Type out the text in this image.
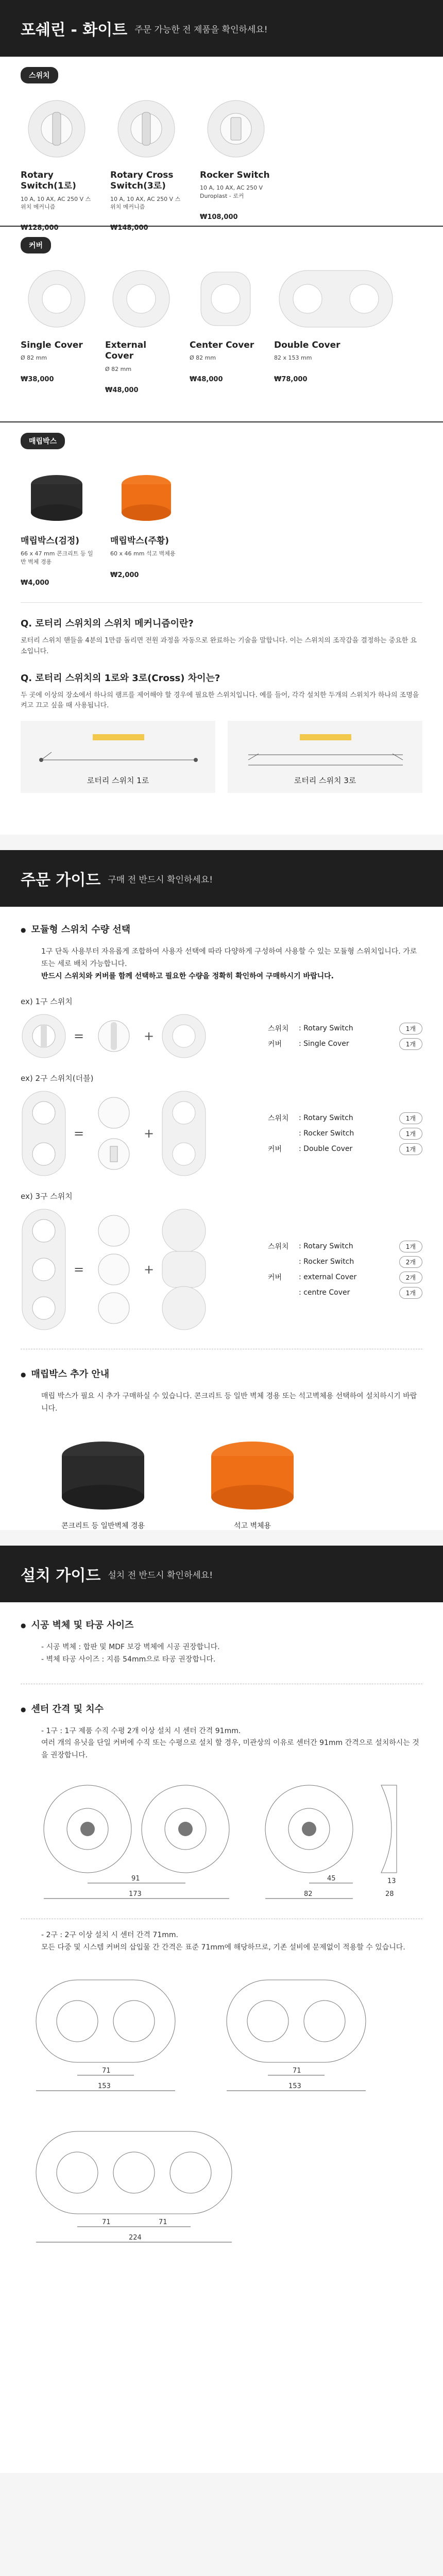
포쉐린 - 화이트 주문 가능한 전 제품을 확인하세요!
스위치
Rotary Switch(1로)
10 A, 10 AX, AC 250 V 스위치 메커니즘
₩128,000
Rotary Cross Switch(3로)
10 A, 10 AX, AC 250 V 스위치 메커니즘
₩148,000
Rocker Switch
10 A, 10 AX, AC 250 V Duroplast - 로커
₩108,000
커버
Single Cover
Ø 82 mm
₩38,000
External Cover
Ø 82 mm
₩48,000
Center Cover
Ø 82 mm
₩48,000
Double Cover
82 x 153 mm
₩78,000
매립박스
매립박스(검정)
66 x 47 mm 콘크리트 등 일반 벽체 경용
₩4,000
매립박스(주황)
60 x 46 mm 석고 벽체용
₩2,000
Q. 로터리 스위치의 스위치 메커니즘이란?

로터리 스위치 핸들을 4분의 1만큼 돌리면 전원 과정을 자동으로 완료하는 기술을 말합니다. 이는 스위치의 조작감을 결정하는 중요한 요소입니다.

Q. 로터리 스위치의 1로와 3로(Cross) 차이는?

두 곳에 이상의 장소에서 하나의 램프를 제어해야 할 경우에 필요한 스위치입니다. 예를 들어, 각각 설치한 두개의 스위치가 하나의 조명을 켜고 끄고 싶을 때 사용됩니다.

로터리 스위치 1로	로터리 스위치 3로
주문 가이드 구매 전 반드시 확인하세요!
● 모듈형 스위치 수량 선택

1구 단독 사용부터 자유롭게 조합하여 사용자 선택에 따라 다양하게 구성하여 사용할 수 있는 모듈형 스위치입니다. 가로 또는 세로 배치 가능합니다.

반드시 스위치와 커버를 함께 선택하고 필요한 수량을 정확히 확인하여 구매하시기 바랍니다.

ex) 1구 스위치
=	+	스위치	: Rotary Switch	1개
커버	: Single Cover	1개
ex) 2구 스위치(더블)
=	+
스위치	: Rotary Switch	1개
: Rocker Switch	1개
커버	: Double Cover	1개
ex) 3구 스위치
=	+
스위치	: Rotary Switch	1개
: Rocker Switch	2개
커버	: external Cover	2개
: centre Cover	1개
● 매립박스 추가 안내

매립 박스가 필요 시 추가 구매하실 수 있습니다. 콘크리트 등 일반 벽체 경용 또는 석고벽체용 선택하여 설치하시기 바랍니다.

콘크리트 등 일반벽체 경용	석고 벽체용
설치 가이드 설치 전 반드시 확인하세요!
● 시공 벽체 및 타공 사이즈

- 시공 벽체 : 합판 및 MDF 보강 벽체에 시공 권장합니다.

- 벽체 타공 사이즈 : 지름 54mm으로 타공 권장합니다.

● 센터 간격 및 치수

- 1구 : 1구 제품 수직 수평 2개 이상 설치 시 센터 간격 91mm.

여러 개의 유닛을 단일 커버에 수직 또는 수평으로 설치 할 경우, 미관상의 이유로 센터간 91mm 간격으로 설치하시는 것을 권장합니다.

91
173
45
82
13
28

- 2구 : 2구 이상 설치 시 센터 간격 71mm.

모든 다중 및 시스템 커버의 삽입물 간 간격은 표준 71mm에 해당하므로, 기존 설비에 문제없이 적용할 수 있습니다.

71
153
71
153

71	71
224
